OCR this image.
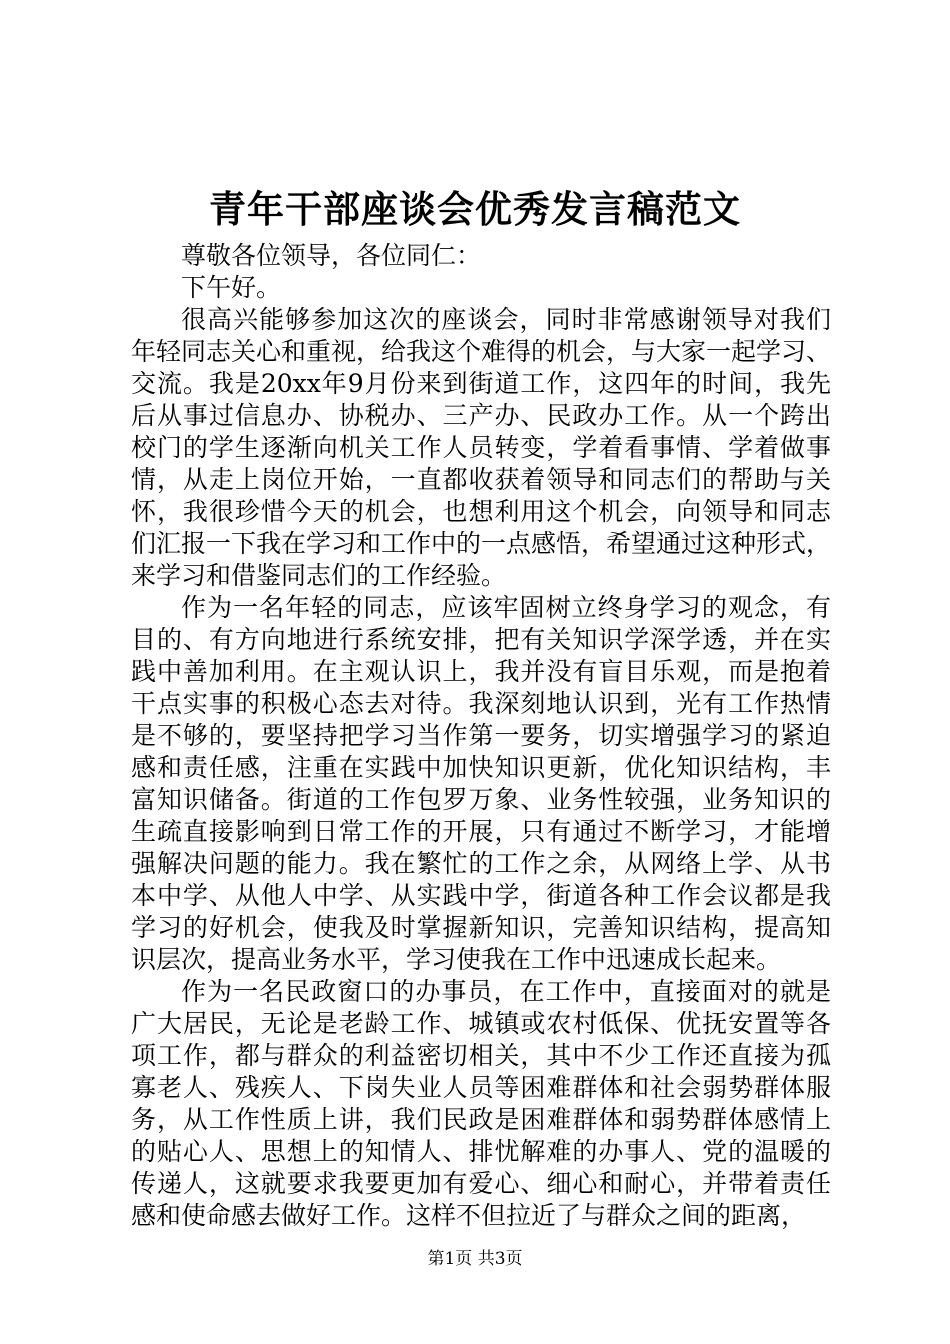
青年干部座谈会优秀发言稿范文
尊敬各位领导，各位同仁：
下午好。
很高兴能够参加这次的座谈会，同时非常感谢领导对我们
年轻同志关心和重视，给我这个难得的机会，与大家一起学习、
交流。我是20xx年9月份来到街道工作，这四年的时间，我先
后从事过信息办、协税办、三产办、民政办工作。从一个跨出
校门的学生逐渐向机关工作人员转变，学着看事情、学着做事
情，从走上岗位开始，一直都收获着领导和同志们的帮助与关
怀，我很珍惜今天的机会，也想利用这个机会，向领导和同志
们汇报一下我在学习和工作中的一点感悟，希望通过这种形式，
来学习和借鉴同志们的工作经验。
作为一名年轻的同志，应该牢固树立终身学习的观念，有
目的、有方向地进行系统安排，把有关知识学深学透，并在实
践中善加利用。在主观认识上，我并没有盲目乐观，而是抱着
干点实事的积极心态去对待。我深刻地认识到，光有工作热情
是不够的，要坚持把学习当作第一要务，切实增强学习的紧迫
感和责任感，注重在实践中加快知识更新，优化知识结构，丰
富知识储备。街道的工作包罗万象、业务性较强，业务知识的
生疏直接影响到日常工作的开展，只有通过不断学习，才能增
强解决问题的能力。我在繁忙的工作之余，从网络上学、从书
本中学、从他人中学、从实践中学，街道各种工作会议都是我
学习的好机会，使我及时掌握新知识，完善知识结构，提高知
识层次，提高业务水平，学习使我在工作中迅速成长起来。
作为一名民政窗口的办事员，在工作中，直接面对的就是
广大居民，无论是老龄工作、城镇或农村低保、优抚安置等各
项工作，都与群众的利益密切相关，其中不少工作还直接为孤
寡老人、残疾人、下岗失业人员等困难群体和社会弱势群体服
务，从工作性质上讲，我们民政是困难群体和弱势群体感情上
的贴心人、思想上的知情人、排忧解难的办事人、党的温暖的
传递人，这就要求我要更加有爱心、细心和耐心，并带着责任
感和使命感去做好工作。这样不但拉近了与群众之间的距离，
第1页 共3页
